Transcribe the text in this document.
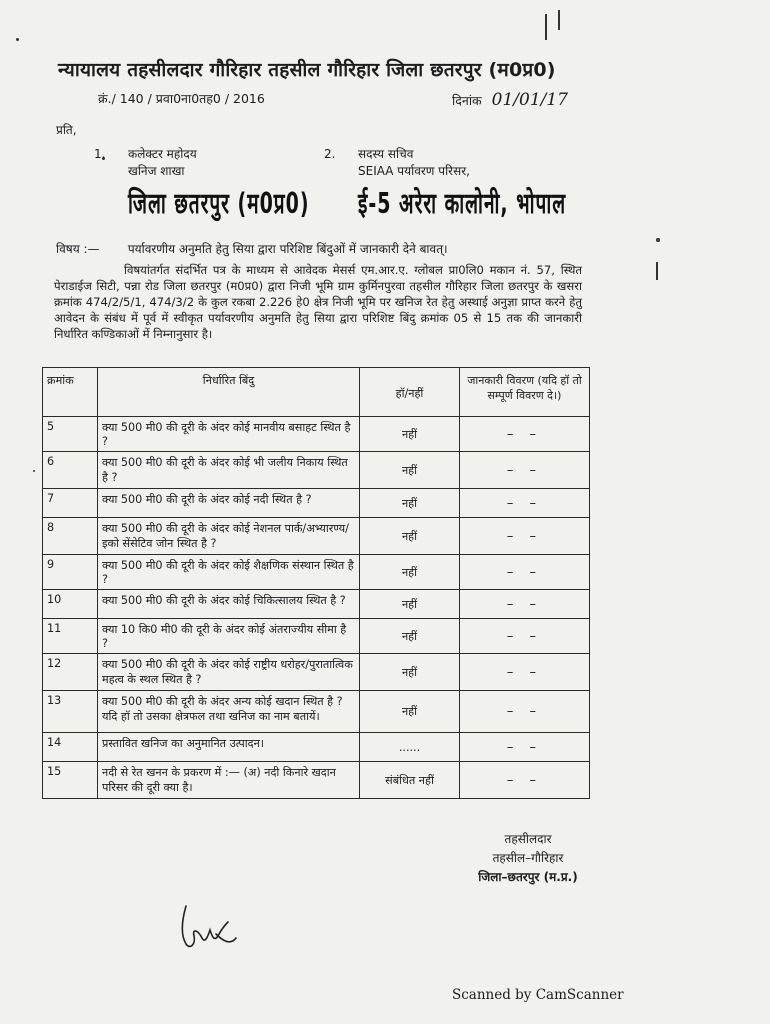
न्यायालय तहसीलदार गौरिहार तहसील गौरिहार जिला छतरपुर (म0प्र0)
क्रं./ 140 / प्रवा0ना0तह0 / 2016	दिनांक 01/01/17
प्रति,
1. कलेक्टर महोदय
खनिज शाखा
जिला छतरपुर (म0प्र0)
2. सदस्य सचिव
SEIAA पर्यावरण परिसर,
ई-5 अरेरा कालोनी, भोपाल
विषय :— पर्यावरणीय अनुमति हेतु सिया द्वारा परिशिष्ट बिंदुओं में जानकारी देने बावत्।
विषयांतर्गत संदर्भित पत्र के माध्यम से आवेदक मेसर्स एम.आर.ए. ग्लोबल प्रा0लि0 मकान नं. 57, स्थित पेराडाईज सिटी, पन्ना रोड जिला छतरपुर (म0प्र0) द्वारा निजी भूमि ग्राम कुर्मिनपुरवा तहसील गौरिहार जिला छतरपुर के खसरा क्रमांक 474/2/5/1, 474/3/2 के कुल रकबा 2.226 हे0 क्षेत्र निजी भूमि पर खनिज रेत हेतु अस्थाई अनुज्ञा प्राप्त करने हेतु आवेदन के संबंध में पूर्व में स्वीकृत पर्यावरणीय अनुमति हेतु सिया द्वारा परिशिष्ट बिंदु क्रमांक 05 से 15 तक की जानकारी निर्धारित कण्डिकाओं में निम्नानुसार है।
क्रमांक	निर्धारित बिंदु	हॉ/नहीं	जानकारी विवरण (यदि हॉ तो सम्पूर्ण विवरण दे।)
5	क्या 500 मी0 की दूरी के अंदर कोई मानवीय बसाहट स्थित है ?	नहीं	– –
6	क्या 500 मी0 की दूरी के अंदर कोई भी जलीय निकाय स्थित है ?	नहीं	– –
7	क्या 500 मी0 की दूरी के अंदर कोई नदी स्थित है ?	नहीं	– –
8	क्या 500 मी0 की दूरी के अंदर कोई नेशनल पार्क/अभ्यारण्य/इको सेंसेटिव जोन स्थित है ?	नहीं	– –
9	क्या 500 मी0 की दूरी के अंदर कोई शैक्षणिक संस्थान स्थित है ?	नहीं	– –
10	क्या 500 मी0 की दूरी के अंदर कोई चिकित्सालय स्थित है ?	नहीं	– –
11	क्या 10 कि0 मी0 की दूरी के अंदर कोई अंतराज्यीय सीमा है ?	नहीं	– –
12	क्या 500 मी0 की दूरी के अंदर कोई राष्ट्रीय धरोहर/पुरातात्विक महत्व के स्थल स्थित है ?	नहीं	– –
13	क्या 500 मी0 की दूरी के अंदर अन्य कोई खदान स्थित है ? यदि हॉ तो उसका क्षेत्रफल तथा खनिज का नाम बतायें।	नहीं	– –
14	प्रस्तावित खनिज का अनुमानित उत्पादन।	......	– –
15	नदी से रेत खनन के प्रकरण में :— (अ) नदी किनारे खदान परिसर की दूरी क्या है।	संबंधित नहीं	– –
तहसीलदार
तहसील–गौरिहार
जिला–छतरपुर (म.प्र.)
Scanned by CamScanner
